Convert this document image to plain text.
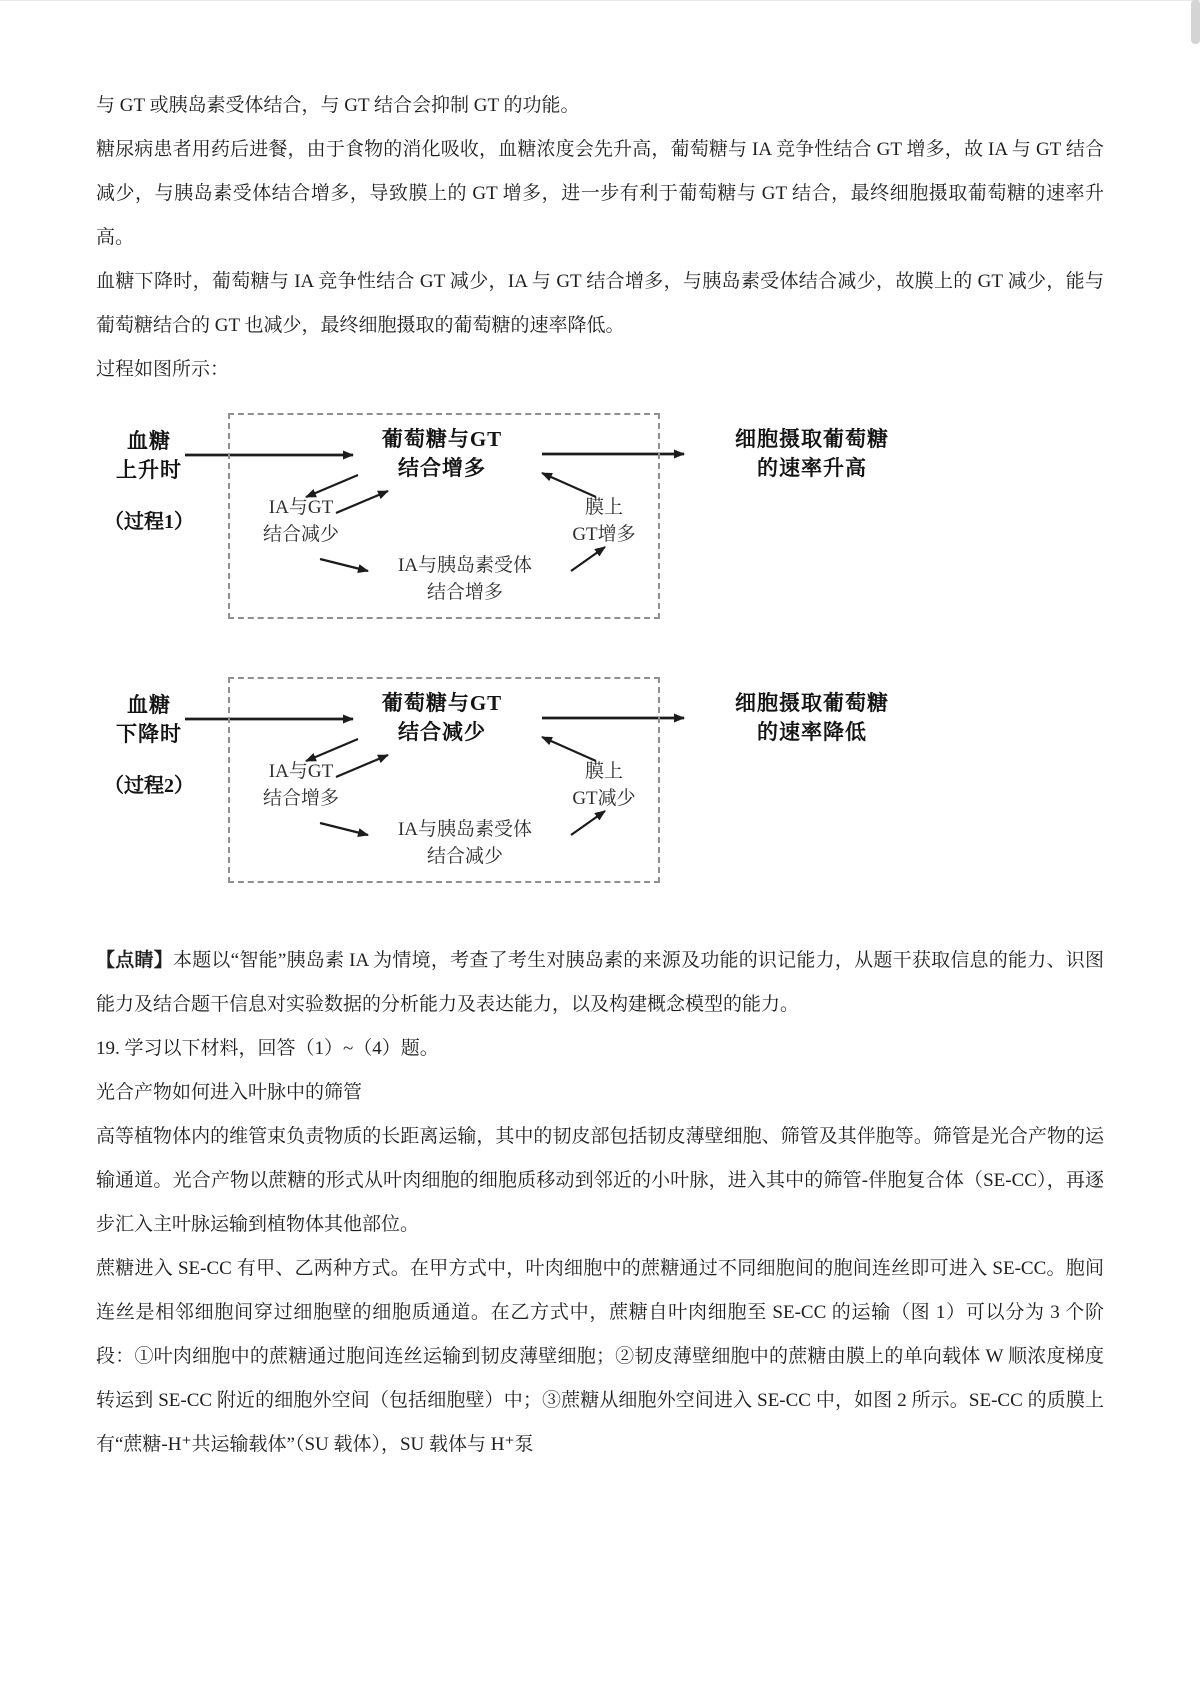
与 GT 或胰岛素受体结合，与 GT 结合会抑制 GT 的功能。

糖尿病患者用药后进餐，由于食物的消化吸收，血糖浓度会先升高，葡萄糖与 IA 竞争性结合 GT 增多，故 IA 与 GT 结合减少，与胰岛素受体结合增多，导致膜上的 GT 增多，进一步有利于葡萄糖与 GT 结合，最终细胞摄取葡萄糖的速率升高。

血糖下降时，葡萄糖与 IA 竞争性结合 GT 减少，IA 与 GT 结合增多，与胰岛素受体结合减少，故膜上的 GT 减少，能与葡萄糖结合的 GT 也减少，最终细胞摄取的葡萄糖的速率降低。

过程如图所示：

血糖
上升时
（过程1）
葡萄糖与GT
结合增多
细胞摄取葡萄糖
的速率升高
IA与GT
结合减少
膜上
GT增多
IA与胰岛素受体
结合增多
血糖
下降时
（过程2）
葡萄糖与GT
结合减少
细胞摄取葡萄糖
的速率降低
IA与GT
结合增多
膜上
GT减少
IA与胰岛素受体
结合减少

【点睛】本题以“智能”胰岛素 IA 为情境，考查了考生对胰岛素的来源及功能的识记能力，从题干获取信息的能力、识图能力及结合题干信息对实验数据的分析能力及表达能力，以及构建概念模型的能力。

19. 学习以下材料，回答（1）~（4）题。

光合产物如何进入叶脉中的筛管

高等植物体内的维管束负责物质的长距离运输，其中的韧皮部包括韧皮薄壁细胞、筛管及其伴胞等。筛管是光合产物的运输通道。光合产物以蔗糖的形式从叶肉细胞的细胞质移动到邻近的小叶脉，进入其中的筛管-伴胞复合体（SE-CC），再逐步汇入主叶脉运输到植物体其他部位。

蔗糖进入 SE-CC 有甲、乙两种方式。在甲方式中，叶肉细胞中的蔗糖通过不同细胞间的胞间连丝即可进入 SE-CC。胞间连丝是相邻细胞间穿过细胞壁的细胞质通道。在乙方式中，蔗糖自叶肉细胞至 SE-CC 的运输（图 1）可以分为 3 个阶段：①叶肉细胞中的蔗糖通过胞间连丝运输到韧皮薄壁细胞；②韧皮薄壁细胞中的蔗糖由膜上的单向载体 W 顺浓度梯度转运到 SE-CC 附近的细胞外空间（包括细胞壁）中；③蔗糖从细胞外空间进入 SE-CC 中，如图 2 所示。SE-CC 的质膜上有“蔗糖-H⁺共运输载体”（SU 载体），SU 载体与 H⁺泵
